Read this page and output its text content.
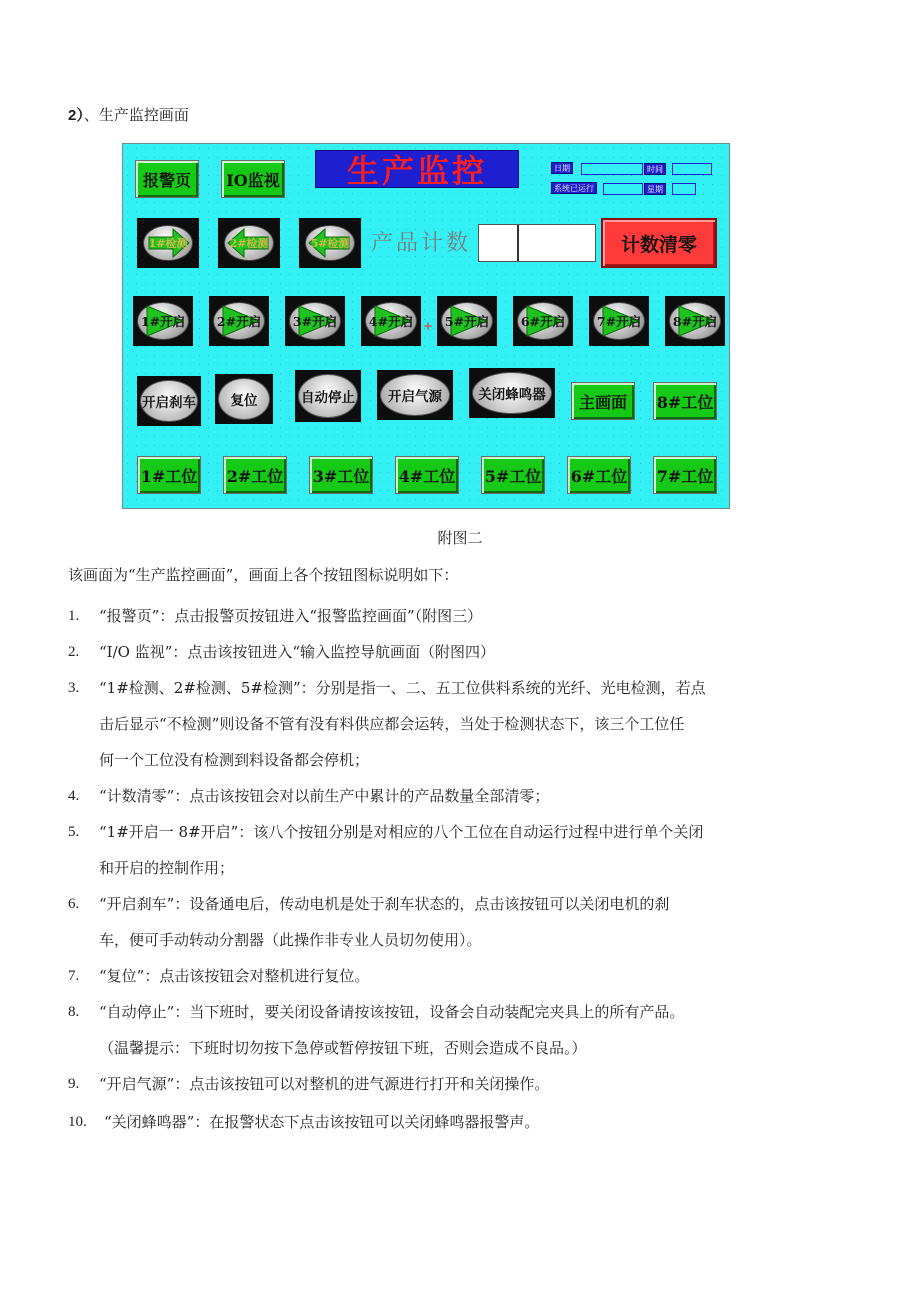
2）、生产监控画面
报警页	IO监视	生产监控	日期	时间
系统已运行	星期
1#检测	2#检测	5#检测 产品计数	计数清零
1#开启	2#开启	3#开启	4#开启 + 5#开启	6#开启	7#开启	8#开启
开启刹车	复位	自动停止	开启气源	关闭蜂鸣器	主画面	8#工位
1#工位 2#工位 3#工位 4#工位 5#工位 6#工位 7#工位
附图二
该画面为“生产监控画面”，画面上各个按钮图标说明如下：
1. “报警页”：点击报警页按钮进入“报警监控画面”（附图三）
2. “I/O 监视”：点击该按钮进入“输入监控导航画面（附图四）
3. “1#检测、2#检测、5#检测”：分别是指一、二、五工位供料系统的光纤、光电检测，若点
击后显示“不检测”则设备不管有没有料供应都会运转，当处于检测状态下，该三个工位任
何一个工位没有检测到料设备都会停机；
4. “计数清零”：点击该按钮会对以前生产中累计的产品数量全部清零；
5. “1#开启一 8#开启”：该八个按钮分别是对相应的八个工位在自动运行过程中进行单个关闭
和开启的控制作用；
6. “开启刹车”：设备通电后，传动电机是处于刹车状态的，点击该按钮可以关闭电机的刹
车，便可手动转动分割器（此操作非专业人员切勿使用）。
7. “复位”：点击该按钮会对整机进行复位。
8. “自动停止”：当下班时，要关闭设备请按该按钮，设备会自动装配完夹具上的所有产品。
（温馨提示：下班时切勿按下急停或暂停按钮下班，否则会造成不良品。）
9. “开启气源”：点击该按钮可以对整机的进气源进行打开和关闭操作。
10. “关闭蜂鸣器”：在报警状态下点击该按钮可以关闭蜂鸣器报警声。
